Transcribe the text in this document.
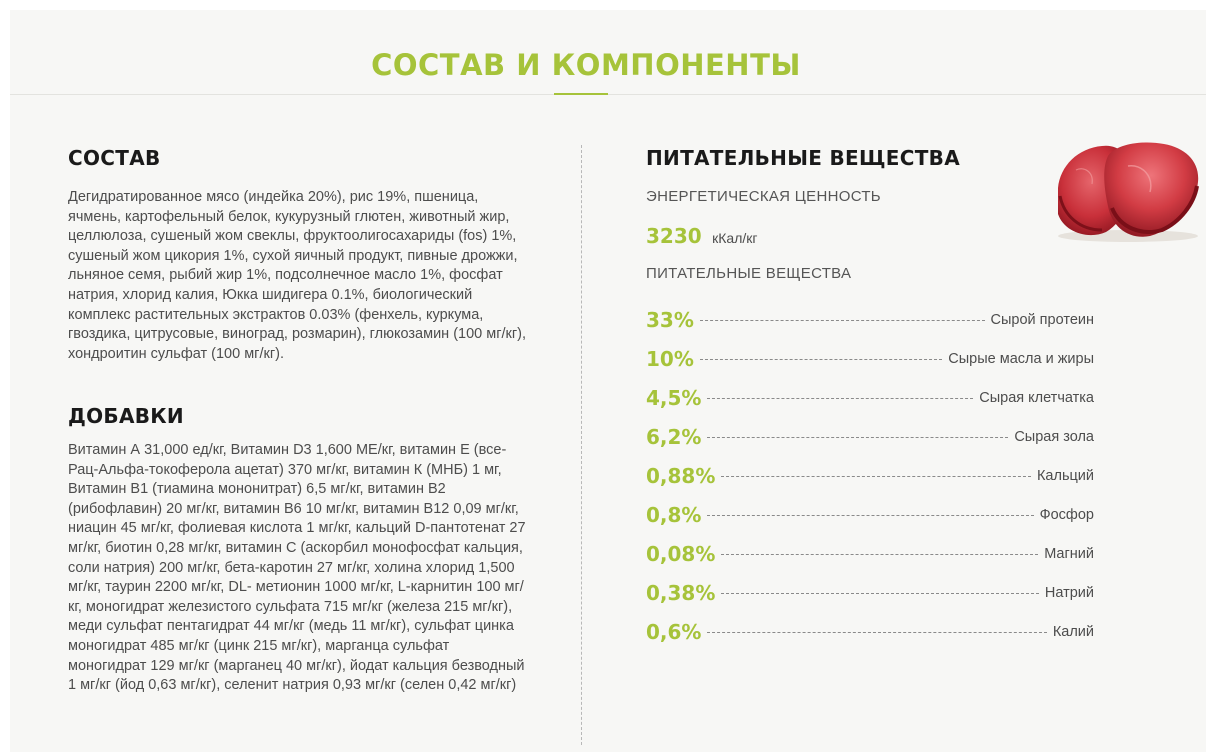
СОСТАВ И КОМПОНЕНТЫ
СОСТАВ

Дегидратированное мясо (индейка 20%), рис 19%, пшеница, ячмень, картофельный белок, кукурузный глютен, животный жир, целлюлоза, сушеный жом свеклы, фруктоолигосахариды (fos) 1%, сушеный жом цикория 1%, сухой яичный продукт, пивные дрожжи, льняное семя, рыбий жир 1%, подсолнечное масло 1%, фосфат натрия, хлорид калия, Юкка шидигера 0.1%, биологический комплекс растительных экстрактов 0.03% (фенхель, куркума, гвоздика, цитрусовые, виноград, розмарин), глюкозамин (100 мг/кг), хондроитин сульфат (100 мг/кг).

ДОБАВКИ

Витамин А 31,000 ед/кг, Витамин D3 1,600 МЕ/кг, витамин Е (все-Рац-Альфа-токоферола ацетат) 370 мг/кг, витамин К (МНБ) 1 мг, Витамин В1 (тиамина мононитрат) 6,5 мг/кг, витамин В2 (рибофлавин) 20 мг/кг, витамин В6 10 мг/кг, витамин В12 0,09 мг/кг, ниацин 45 мг/кг, фолиевая кислота 1 мг/кг, кальций D-пантотенат 27 мг/кг, биотин 0,28 мг/кг, витамин С (аскорбил монофосфат кальция, соли натрия) 200 мг/кг, бета-каротин 27 мг/кг, холина хлорид 1,500 мг/кг, таурин 2200 мг/кг, DL- метионин 1000 мг/кг, L-карнитин 100 мг/кг, моногидрат железистого сульфата 715 мг/кг (железа 215 мг/кг), меди сульфат пентагидрат 44 мг/кг (медь 11 мг/кг), сульфат цинка моногидрат 485 мг/кг (цинк 215 мг/кг), марганца сульфат моногидрат 129 мг/кг (марганец 40 мг/кг), йодат кальция безводный 1 мг/кг (йод 0,63 мг/кг), селенит натрия 0,93 мг/кг (селен 0,42 мг/кг)

ПИТАТЕЛЬНЫЕ ВЕЩЕСТВА
ЭНЕРГЕТИЧЕСКАЯ ЦЕННОСТЬ
3230 кКал/кг
ПИТАТЕЛЬНЫЕ ВЕЩЕСТВА
33%	Сырой протеин
10%	Сырые масла и жиры
4,5%	Сырая клетчатка
6,2%	Сырая зола
0,88%	Кальций
0,8%	Фосфор
0,08%	Магний
0,38%	Натрий
0,6%	Калий
